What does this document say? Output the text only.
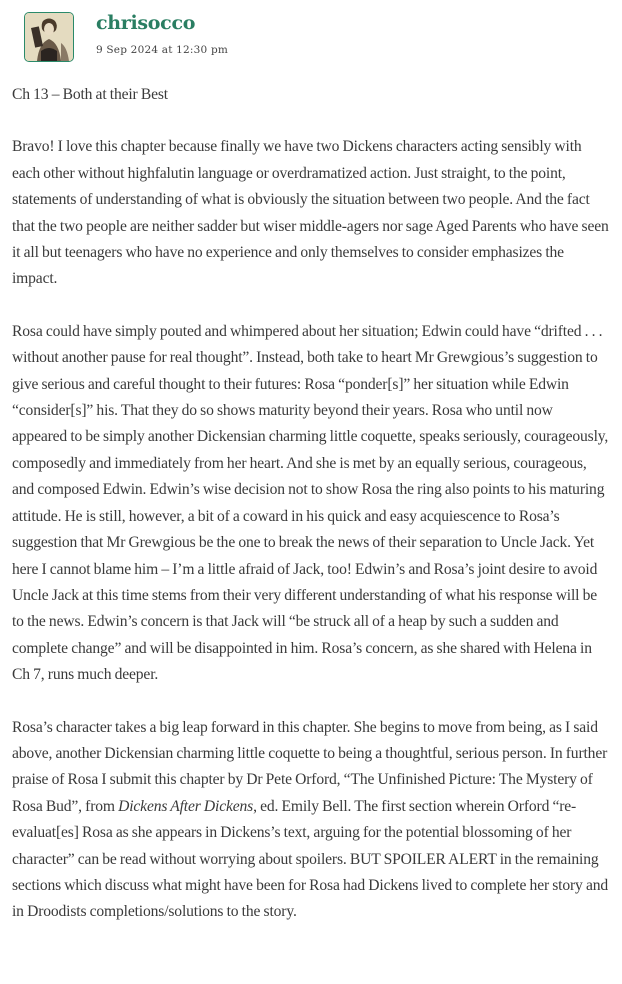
chrisocco
9 Sep 2024 at 12:30 pm

Ch 13 – Both at their Best

Bravo! I love this chapter because finally we have two Dickens characters acting sensibly with each other without highfalutin language or overdramatized action. Just straight, to the point, statements of understanding of what is obviously the situation between two people. And the fact that the two people are neither sadder but wiser middle-agers nor sage Aged Parents who have seen it all but teenagers who have no experience and only themselves to consider emphasizes the impact.

Rosa could have simply pouted and whimpered about her situation; Edwin could have “drifted . . . without another pause for real thought”. Instead, both take to heart Mr Grewgious’s suggestion to give serious and careful thought to their futures: Rosa “ponder[s]” her situation while Edwin “consider[s]” his. That they do so shows maturity beyond their years. Rosa who until now appeared to be simply another Dickensian charming little coquette, speaks seriously, courageously, composedly and immediately from her heart. And she is met by an equally serious, courageous, and composed Edwin. Edwin’s wise decision not to show Rosa the ring also points to his maturing attitude. He is still, however, a bit of a coward in his quick and easy acquiescence to Rosa’s suggestion that Mr Grewgious be the one to break the news of their separation to Uncle Jack. Yet here I cannot blame him – I’m a little afraid of Jack, too! Edwin’s and Rosa’s joint desire to avoid Uncle Jack at this time stems from their very different understanding of what his response will be to the news. Edwin’s concern is that Jack will “be struck all of a heap by such a sudden and complete change” and will be disappointed in him. Rosa’s concern, as she shared with Helena in Ch 7, runs much deeper.

Rosa’s character takes a big leap forward in this chapter. She begins to move from being, as I said above, another Dickensian charming little coquette to being a thoughtful, serious person. In further praise of Rosa I submit this chapter by Dr Pete Orford, “The Unfinished Picture: The Mystery of Rosa Bud”, from Dickens After Dickens, ed. Emily Bell. The first section wherein Orford “re-evaluat[es] Rosa as she appears in Dickens’s text, arguing for the potential blossoming of her character” can be read without worrying about spoilers. BUT SPOILER ALERT in the remaining sections which discuss what might have been for Rosa had Dickens lived to complete her story and in Droodists completions/solutions to the story.
